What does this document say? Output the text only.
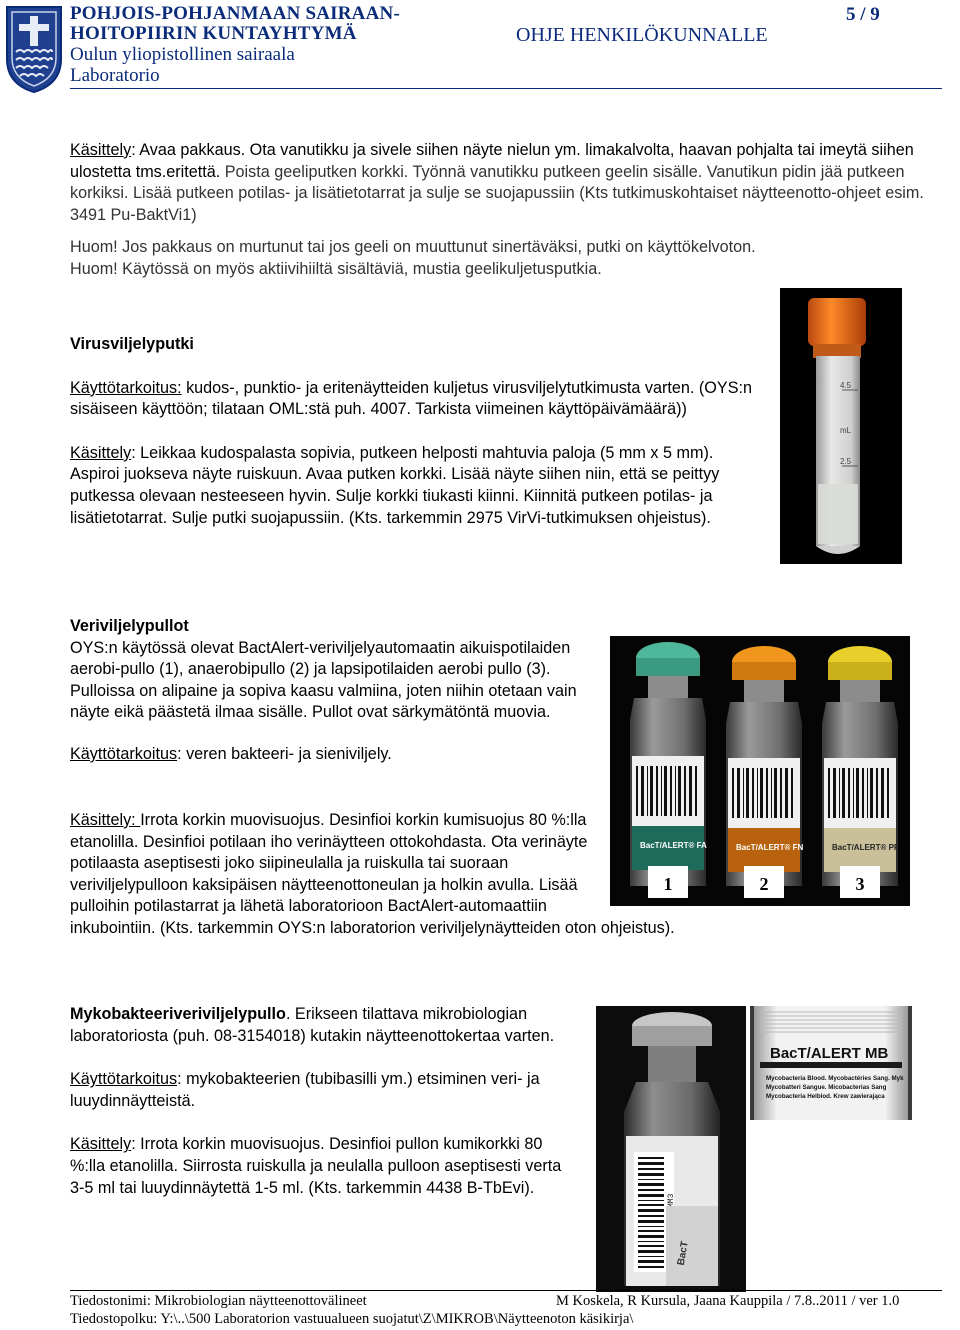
POHJOIS-POHJANMAAN SAIRAAN-
HOITOPIIRIN KUNTAYHTYMÄ
Oulun yliopistollinen sairaala
Laboratorio
OHJE HENKILÖKUNNALLE
5 / 9
Käsittely: Avaa pakkaus. Ota vanutikku ja sivele siihen näyte nielun ym. limakalvolta, haavan pohjalta tai imeytä siihen ulostetta tms.eritettä. Poista geeliputken korkki. Työnnä vanutikku putkeen geelin sisälle. Vanutikun pidin jää putkeen korkiksi. Lisää putkeen potilas- ja lisätietotarrat ja sulje se suojapussiin (Kts tutkimuskohtaiset näytteenotto-ohjeet esim. 3491 Pu-BaktVi1)
Huom! Jos pakkaus on murtunut tai jos geeli on muuttunut sinertäväksi, putki on käyttökelvoton.
Huom! Käytössä on myös aktiivihiiltä sisältäviä, mustia geelikuljetusputkia.
Virusviljelyputki
Käyttötarkoitus: kudos-, punktio- ja eritenäytteiden kuljetus virusviljelytutkimusta varten. (OYS:n sisäiseen käyttöön; tilataan OML:stä puh. 4007. Tarkista viimeinen käyttöpäivämäärä))
Käsittely: Leikkaa kudospalasta sopivia, putkeen helposti mahtuvia paloja (5 mm x 5 mm). Aspiroi juokseva näyte ruiskuun. Avaa putken korkki. Lisää näyte siihen niin, että se peittyy putkessa olevaan nesteeseen hyvin. Sulje korkki tiukasti kiinni. Kiinnitä putkeen potilas- ja lisätietotarrat. Sulje putki suojapussiin. (Kts. tarkemmin 2975 VirVi-tutkimuksen ohjeistus).
4.5
mL
2.5
Veriviljelypullot
OYS:n käytössä olevat BactAlert-veriviljelyautomaatin aikuispotilaiden aerobi-pullo (1), anaerobipullo (2) ja lapsipotilaiden aerobi pullo (3). Pulloissa on alipaine ja sopiva kaasu valmiina, joten niihin otetaan vain näyte eikä päästetä ilmaa sisälle. Pullot ovat särkymätöntä muovia.
Käyttötarkoitus: veren bakteeri- ja sieniviljely.
Käsittely: Irrota korkin muovisuojus. Desinfioi korkin kumisuojus 80 %:lla etanolilla. Desinfioi potilaan iho verinäytteen ottokohdasta. Ota verinäyte potilaasta aseptisesti joko siipineulalla ja ruiskulla tai suoraan veriviljelypulloon kaksipäisen näytteenottoneulan ja holkin avulla. Lisää pulloihin potilastarrat ja lähetä laboratorioon BactAlert-automaattiin inkubointiin. (Kts. tarkemmin OYS:n laboratorion veriviljelynäytteiden oton ohjeistus).
BacT/ALERT® FA	BacT/ALERT® FN	BacT/ALERT® PF
1	2	3
Mykobakteeriveriviljelypullo. Erikseen tilattava mikrobiologian laboratoriosta (puh. 08-3154018) kutakin näytteenottokertaa varten.
Käyttötarkoitus: mykobakteerien (tubibasilli ym.) etsiminen veri- ja luuydinnäytteistä.
Käsittely: Irrota korkin muovisuojus. Desinfioi pullon kumikorkki 80 %:lla etanolilla. Siirrosta ruiskulla ja neulalla pulloon aseptisesti verta 3-5 ml tai luuydinnäytettä 1-5 ml. (Kts. tarkemmin 4438 B-TbEvi).
BacT
BacT/ALERT MB
Mycobacteria Blood. Mycobactéries Sang. Myk
Mycobatteri Sangue. Micobacterias Sang
Mycobacteria Helblod. Krew zawierająca
Tiedostonimi: Mikrobiologian näytteenottovälineet	M Koskela, R Kursula, Jaana Kauppila / 7.8..2011 / ver 1.0
Tiedostopolku: Y:\..\500 Laboratorion vastuualueen suojatut\Z\MIKROB\Näytteenoton käsikirja\
